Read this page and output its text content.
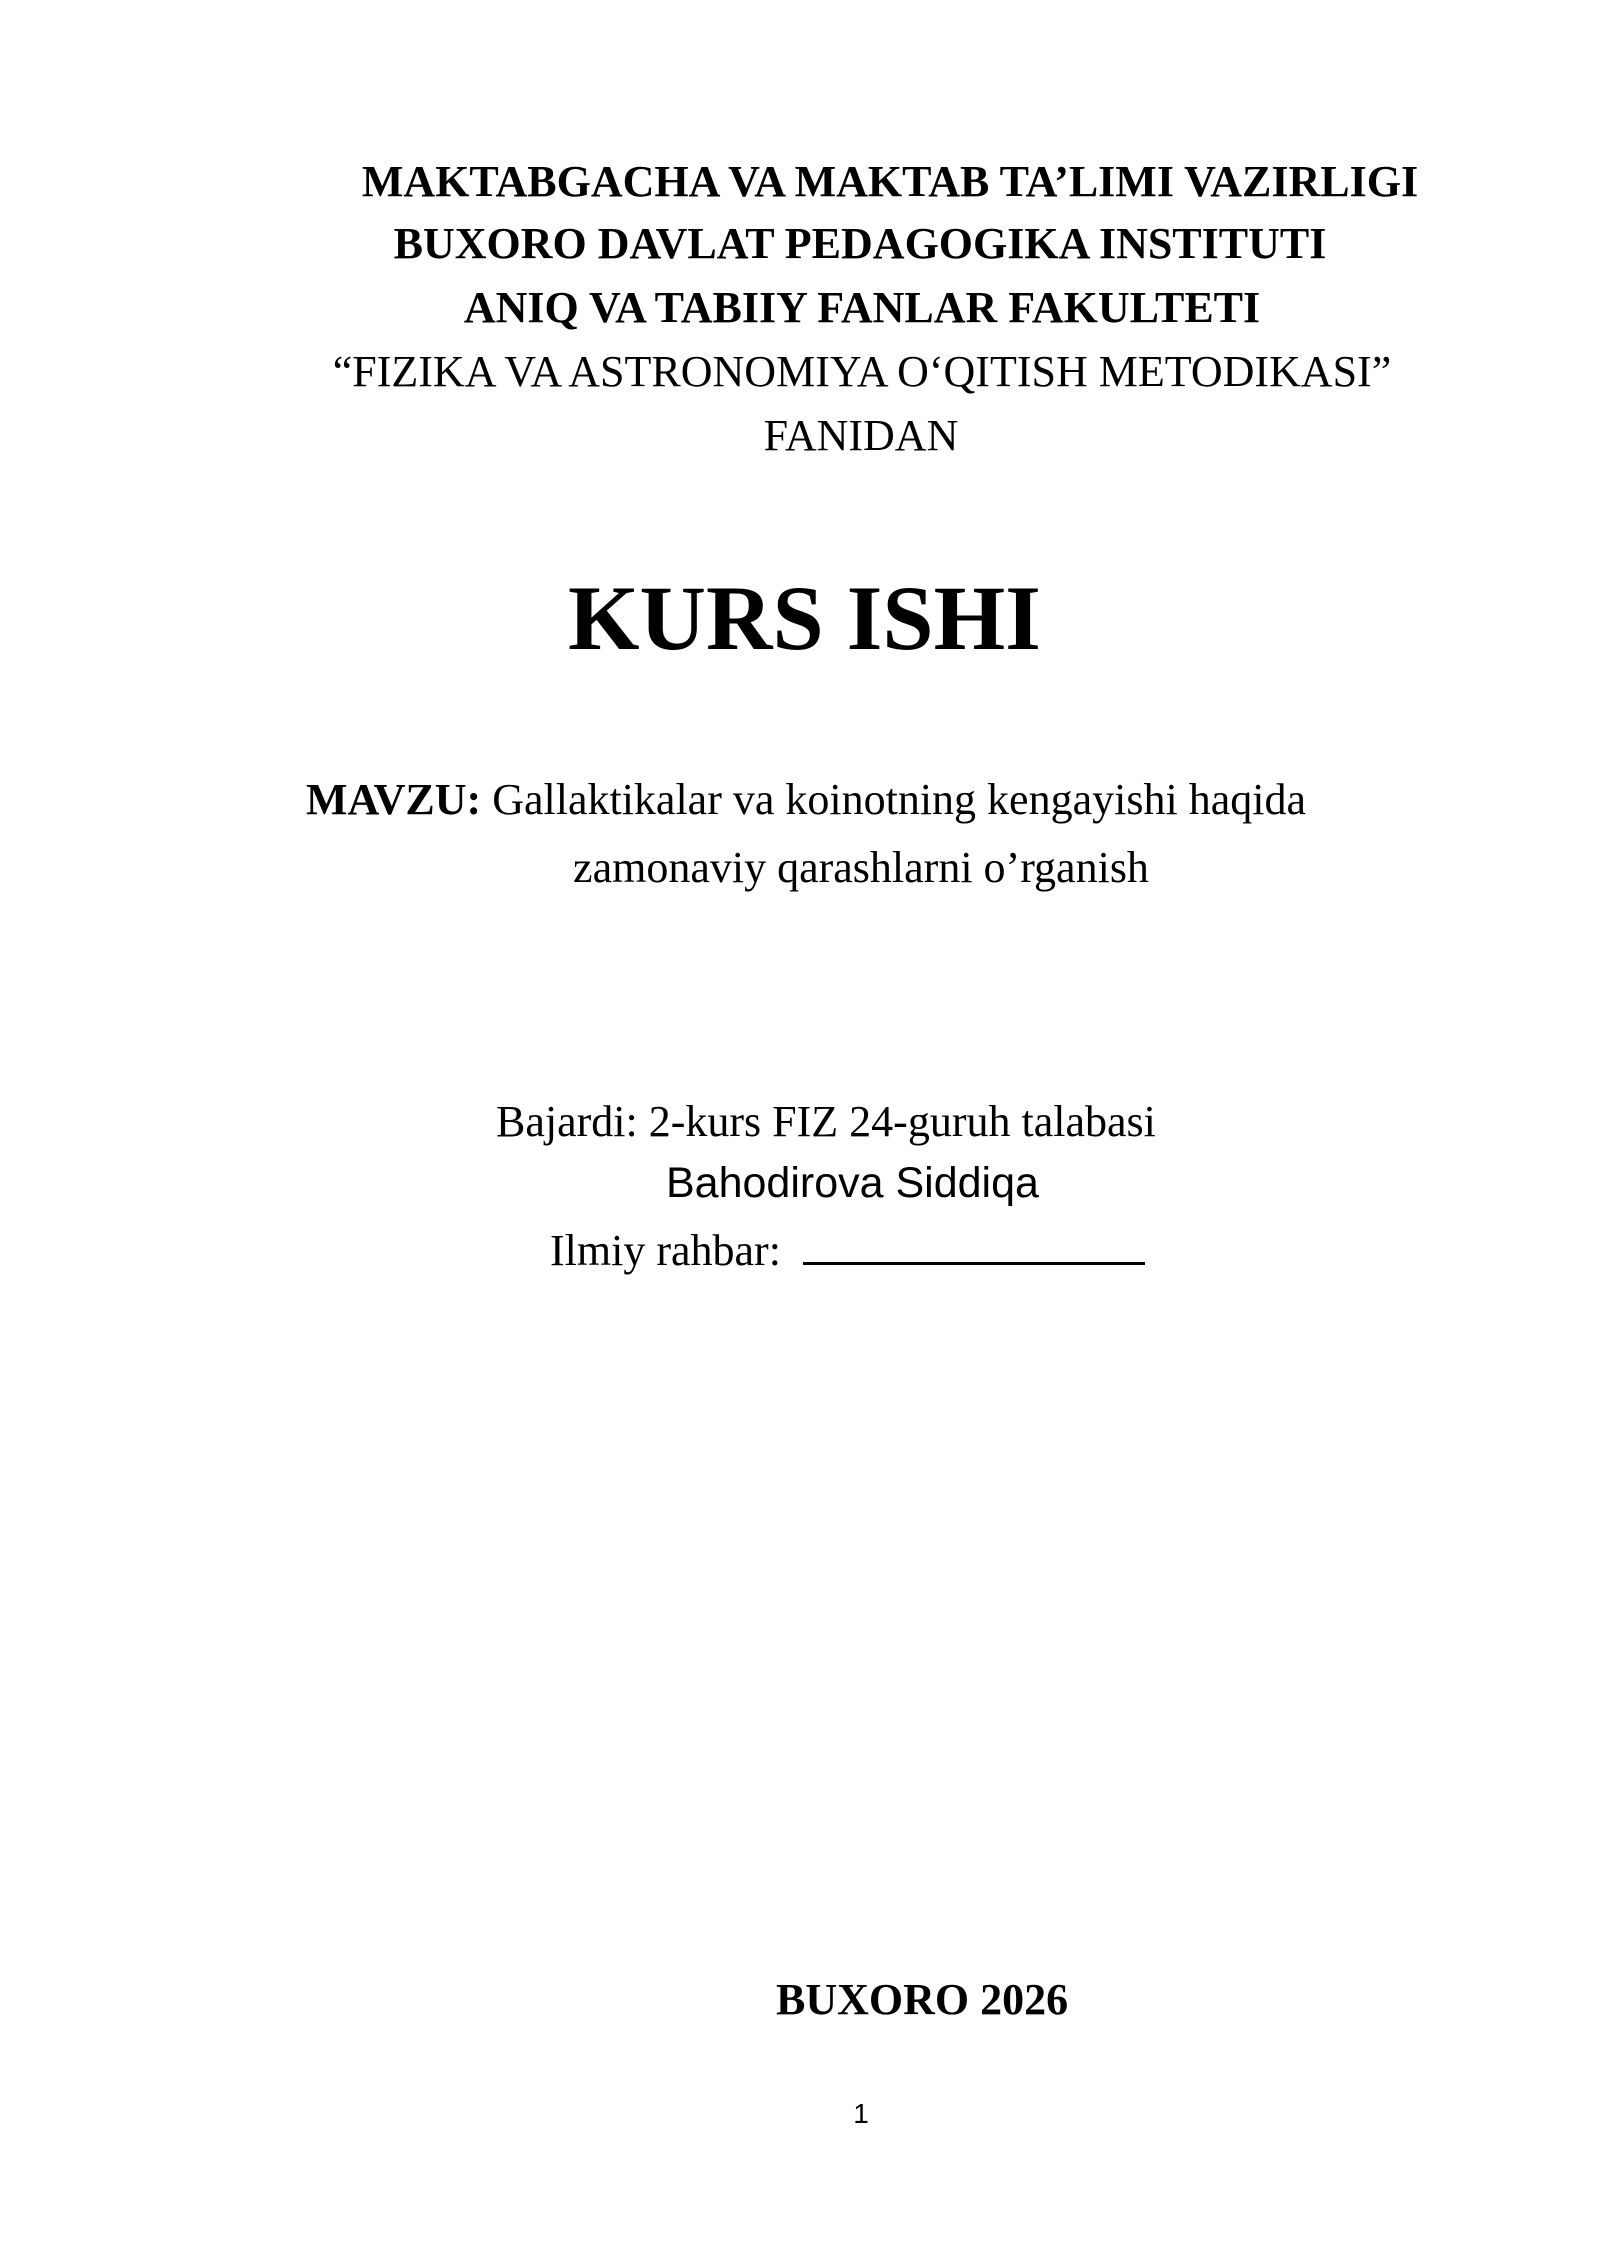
MAKTABGACHA VA MAKTAB TA’LIMI VAZIRLIGI
BUXORO DAVLAT PEDAGOGIKA INSTITUTI
ANIQ VA TABIIY FANLAR FAKULTETI
“FIZIKA VA ASTRONOMIYA O‘QITISH METODIKASI”
FANIDAN
KURS ISHI
MAVZU: Gallaktikalar va koinotning kengayishi haqida
zamonaviy qarashlarni o’rganish
Bajardi: 2-kurs FIZ 24-guruh talabasi
Bahodirova Siddiqa
Ilmiy rahbar:
BUXORO 2026
1
